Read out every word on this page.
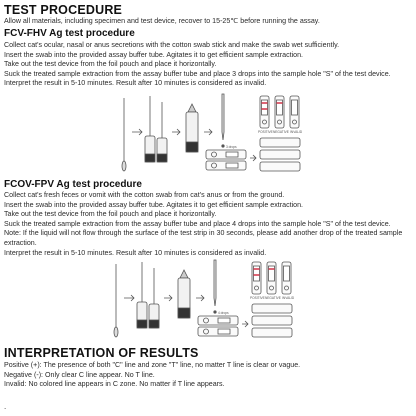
TEST PROCEDURE
Allow all materials, including specimen and test device, recover to 15-25℃ before running the assay.
FCV-FHV Ag test procedure
Collect cat's ocular, nasal or anus secretions with the cotton swab stick and make the swab wet sufficiently.
Insert the swab into the provided assay buffer tube. Agitates it to get efficient sample extraction.
Take out the test device from the foil pouch and place it horizontally.
Suck the treated sample extraction from the assay buffer tube and place 3 drops into the sample hole "S" of the test device.
Interpret the result in 5-10 minutes. Result after 10 minutes is considered as invalid.
POSITIVE NEGATIVE INVALID
3 drops
FCOV-FPV Ag test procedure
Collect cat's fresh feces or vomit with the cotton swab from cat's anus or from the ground.
Insert the swab into the provided assay buffer tube. Agitates it to get efficient sample extraction.
Take out the test device from the foil pouch and place it horizontally.
Suck the treated sample extraction from the assay buffer tube and place 4 drops into the sample hole "S" of the test device.
Note: If the liquid will not flow through the surface of the test strip in 30 seconds, please add another drop of the treated sample extraction.
Interpret the result in 5-10 minutes. Result after 10 minutes is considered as invalid.
POSITIVE NEGATIVE INVALID
4 drops
INTERPRETATION OF RESULTS
Positive (+): The presence of both "C" line and zone "T" line, no matter T line is clear or vague.
Negative (-): Only clear C line appear. No T line.
Invalid: No colored line appears in C zone. No matter if T line appears.
.
